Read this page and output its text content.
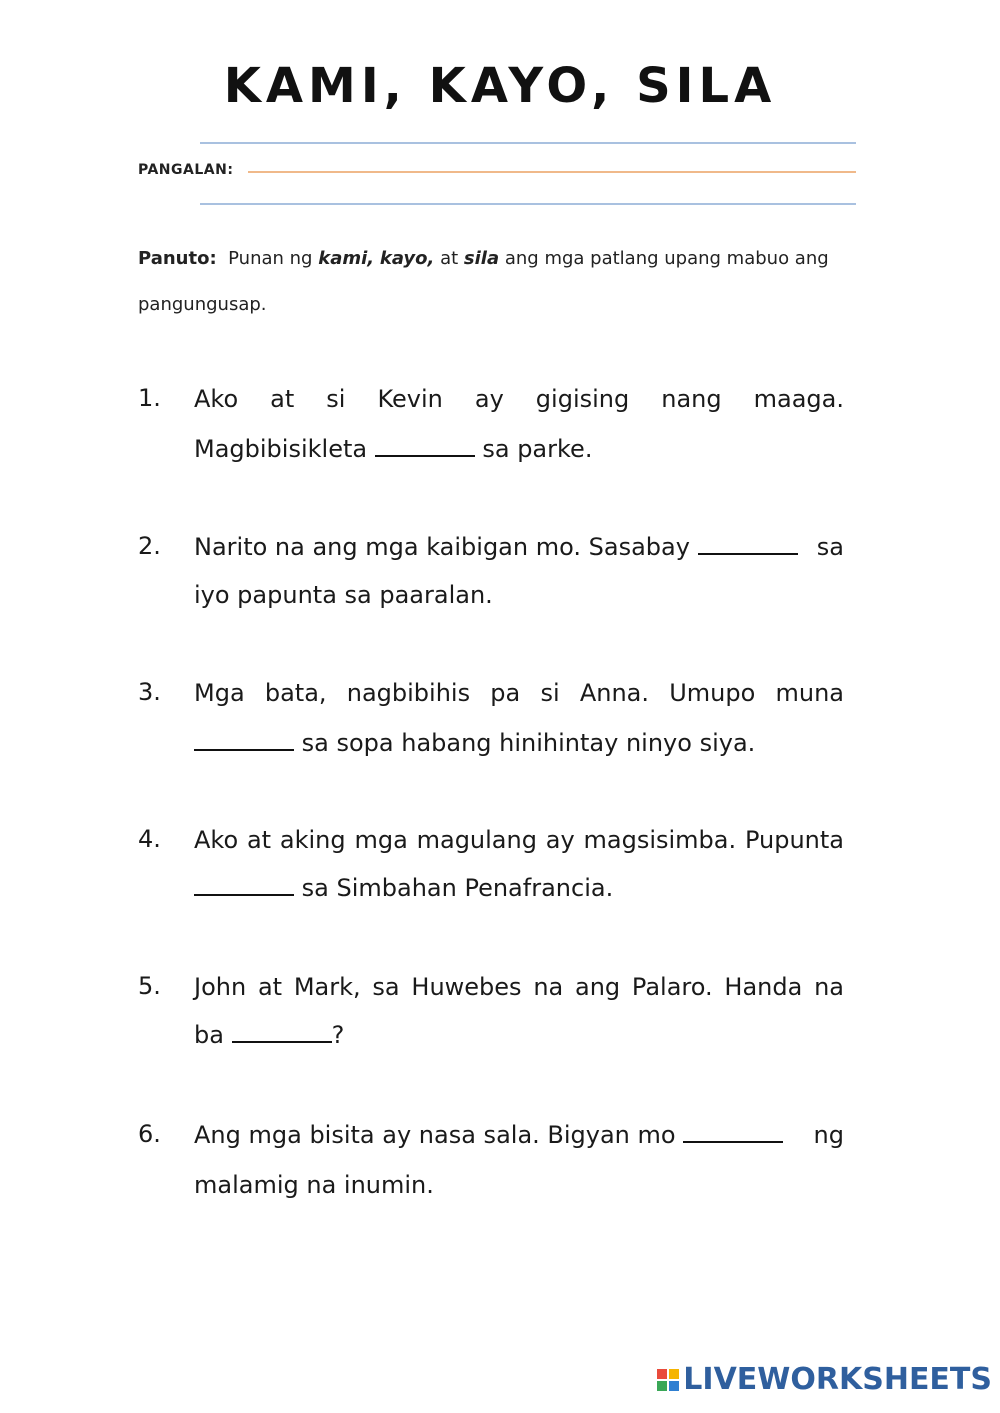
KAMI, KAYO, SILA
PANGALAN:
Panuto: Punan ng kami, kayo, at sila ang mga patlang upang mabuo ang pangungusap.
1. Ako at si Kevin ay gigising nang maaga.
Magbibisikleta	sa parke.
2. Narito na ang mga kaibigan mo. Sasabay	sa
iyo papunta sa paaralan.
3. Mga bata, nagbibihis pa si Anna. Umupo muna
sa sopa habang hinihintay ninyo siya.
4. Ako at aking mga magulang ay magsisimba. Pupunta
sa Simbahan Penafrancia.
5. John at Mark, sa Huwebes na ang Palaro. Handa na
ba	?
6. Ang mga bisita ay nasa sala. Bigyan mo	ng
malamig na inumin.
LIVEWORKSHEETS
